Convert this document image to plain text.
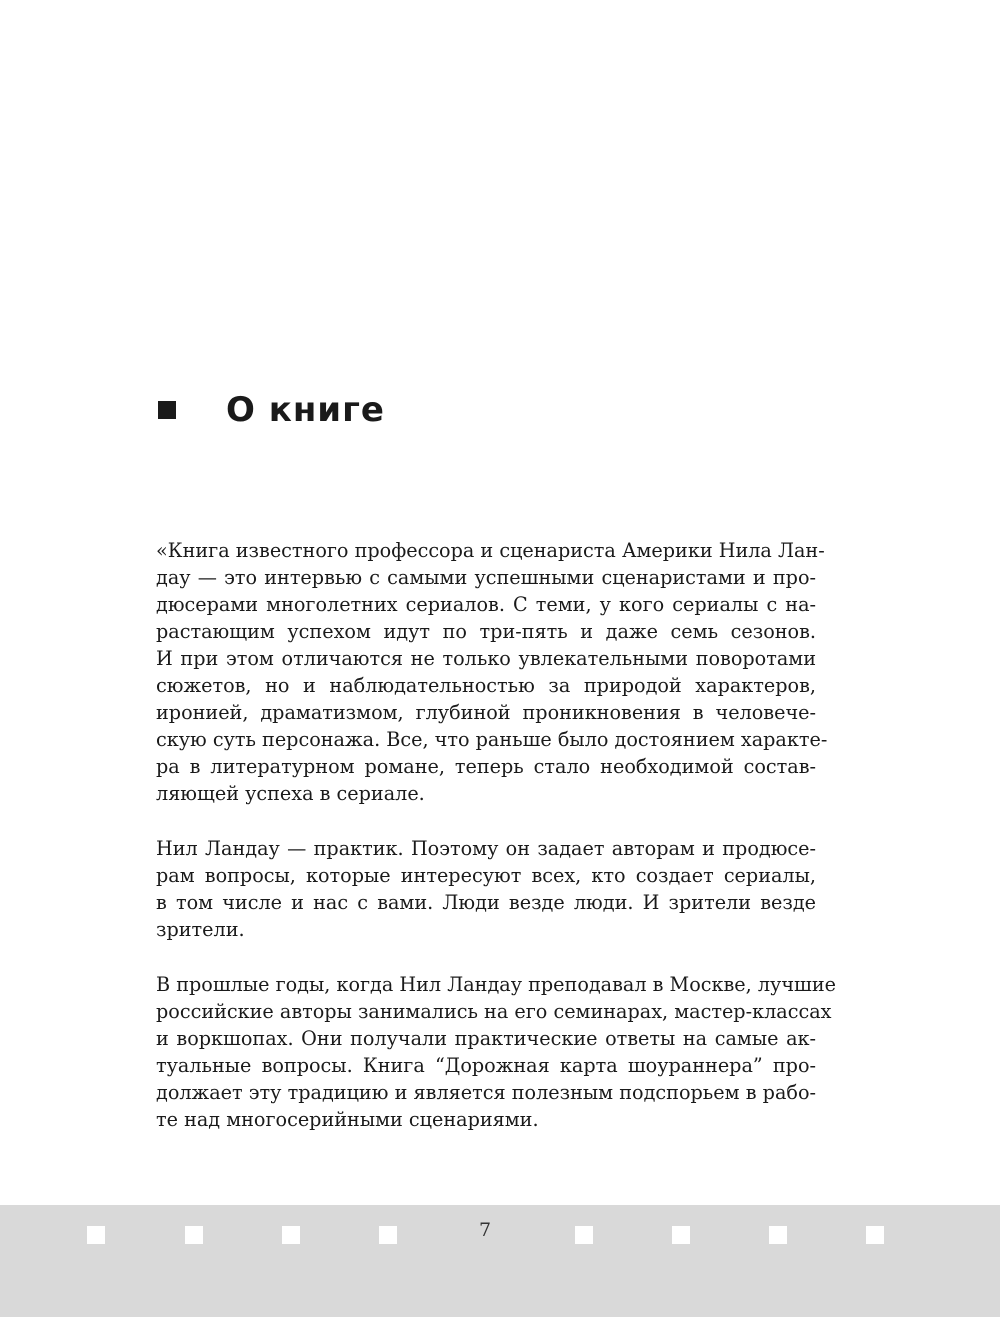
О книге

«Книга известного профессора и сценариста Америки Нила Лан-
дау — это интервью с самыми успешными сценаристами и про-
дюсерами многолетних сериалов. С теми, у кого сериалы с на-
растающим успехом идут по три-пять и даже семь сезонов.
И при этом отличаются не только увлекательными поворотами
сюжетов, но и наблюдательностью за природой характеров,
иронией, драматизмом, глубиной проникновения в человече-
скую суть персонажа. Все, что раньше было достоянием характе-
ра в литературном романе, теперь стало необходимой состав-
ляющей успеха в сериале.

Нил Ландау — практик. Поэтому он задает авторам и продюсе-
рам вопросы, которые интересуют всех, кто создает сериалы,
в том числе и нас с вами. Люди везде люди. И зрители везде
зрители.

В прошлые годы, когда Нил Ландау преподавал в Москве, лучшие
российские авторы занимались на его семинарах, мастер-классах
и воркшопах. Они получали практические ответы на самые ак-
туальные вопросы. Книга “Дорожная карта шоураннера” про-
должает эту традицию и является полезным подспорьем в рабо-
те над многосерийными сценариями.

7
